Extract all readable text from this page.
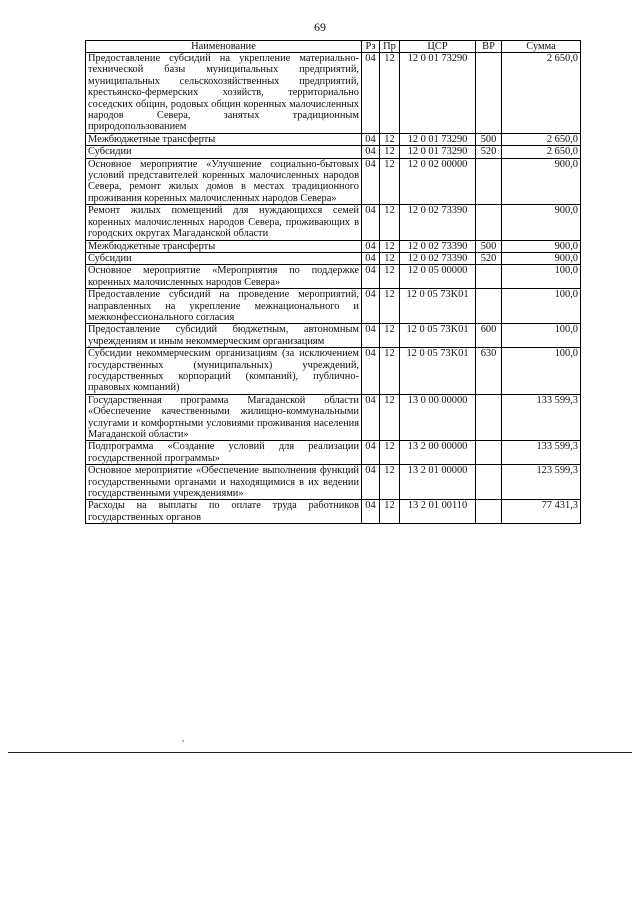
69
Наименование	Рз	Пр	ЦСР	ВР	Сумма
Предоставление субсидий на укрепление материально-технической базы муниципальных предприятий, муниципальных сельскохозяйственных предприятий, крестьянско-фермерских хозяйств, территориально соседских общин, родовых общин коренных малочисленных народов Севера, занятых традиционным природопользованием	04	12	12 0 01 73290		2 650,0
Межбюджетные трансферты	04	12	12 0 01 73290	500	2 650,0
Субсидии	04	12	12 0 01 73290	520	2 650,0
Основное мероприятие «Улучшение социально-бытовых условий представителей коренных малочисленных народов Севера, ремонт жилых домов в местах традиционного проживания коренных малочисленных народов Севера»	04	12	12 0 02 00000		900,0
Ремонт жилых помещений для нуждающихся семей коренных малочисленных народов Севера, проживающих в городских округах Магаданской области	04	12	12 0 02 73390		900,0
Межбюджетные трансферты	04	12	12 0 02 73390	500	900,0
Субсидии	04	12	12 0 02 73390	520	900,0
Основное мероприятие «Мероприятия по поддержке коренных малочисленных народов Севера»	04	12	12 0 05 00000		100,0
Предоставление субсидий на проведение мероприятий, направленных на укрепление межнационального и межконфессионального согласия	04	12	12 0 05 73K01		100,0
Предоставление субсидий бюджетным, автономным учреждениям и иным некоммерческим организациям	04	12	12 0 05 73K01	600	100,0
Субсидии некоммерческим организациям (за исключением государственных (муниципальных) учреждений, государственных корпораций (компаний), публично-правовых компаний)	04	12	12 0 05 73K01	630	100,0
Государственная программа Магаданской области «Обеспечение качественными жилищно-коммунальными услугами и комфортными условиями проживания населения Магаданской области»	04	12	13 0 00 00000		133 599,3
Подпрограмма «Создание условий для реализации государственной программы»	04	12	13 2 00 00000		133 599,3
Основное мероприятие «Обеспечение выполнения функций государственными органами и находящимися в их ведении государственными учреждениями»	04	12	13 2 01 00000		123 599,3
Расходы на выплаты по оплате труда работников государственных органов	04	12	13 2 01 00110		77 431,3
